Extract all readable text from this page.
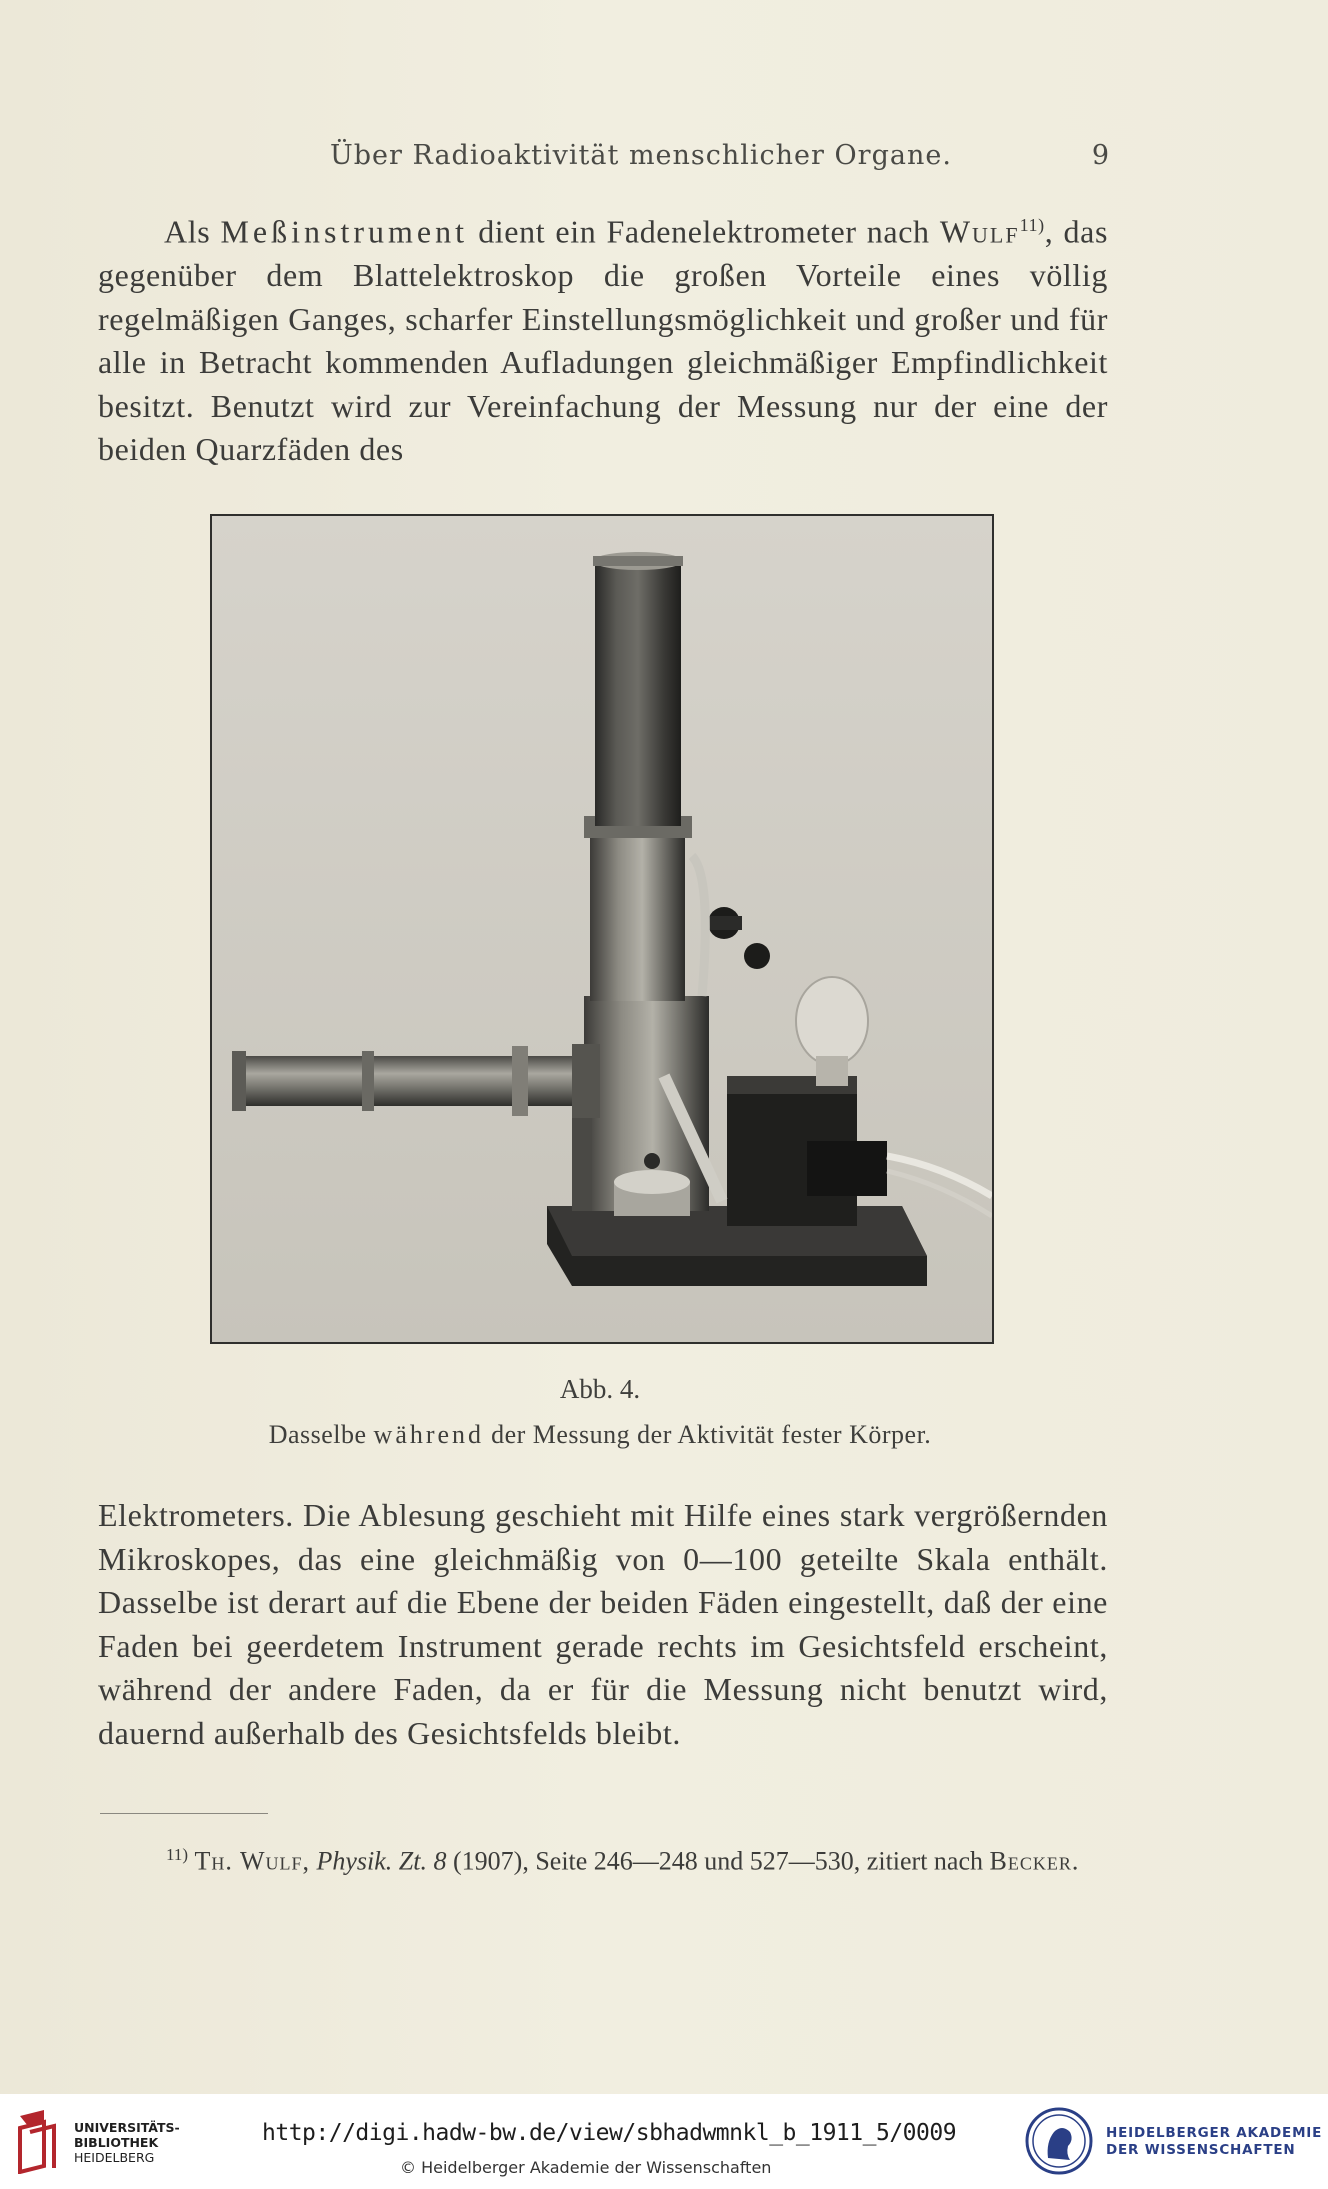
Über Radioaktivität menschlicher Organe.	9
Als Meßinstrument dient ein Fadenelektrometer nach Wulf$^{11)}$, das gegenüber dem Blattelektroskop die großen Vorteile eines völlig regelmäßigen Ganges, scharfer Einstellungsmöglichkeit und großer und für alle in Betracht kommenden Aufladungen gleichmäßiger Empfindlichkeit besitzt. Benutzt wird zur Vereinfachung der Messung nur der eine der beiden Quarzfäden des
Abb. 4.
Dasselbe während der Messung der Aktivität fester Körper.
Elektrometers. Die Ablesung geschieht mit Hilfe eines stark vergrößernden Mikroskopes, das eine gleichmäßig von 0—100 geteilte Skala enthält. Dasselbe ist derart auf die Ebene der beiden Fäden eingestellt, daß der eine Faden bei geerdetem Instrument gerade rechts im Gesichtsfeld erscheint, während der andere Faden, da er für die Messung nicht benutzt wird, dauernd außerhalb des Gesichtsfelds bleibt.
$^{11)}$ Th. Wulf, Physik. Zt. 8 (1907), Seite 246—248 und 527—530, zitiert nach Becker.
UNIVERSITÄTS-
BIBLIOTHEK
HEIDELBERG
http://digi.hadw-bw.de/view/sbhadwmnkl_b_1911_5/0009
© Heidelberger Akademie der Wissenschaften
HEIDELBERGER AKADEMIE
DER WISSENSCHAFTEN
